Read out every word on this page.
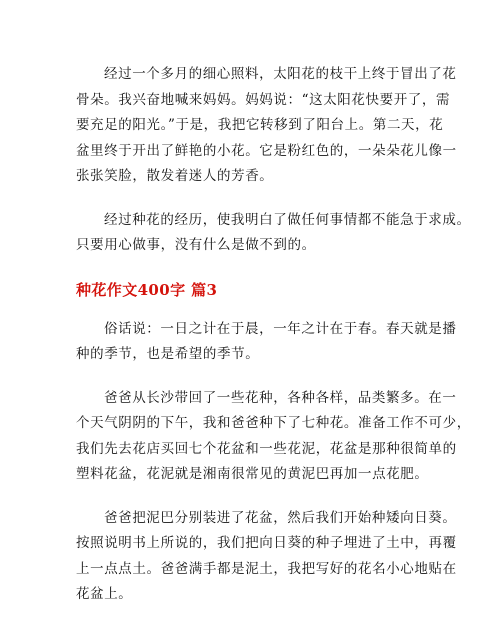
经过一个多月的细心照料，太阳花的枝干上终于冒出了花
骨朵。我兴奋地喊来妈妈。妈妈说：“这太阳花快要开了，需
要充足的阳光。”于是，我把它转移到了阳台上。第二天，花
盆里终于开出了鲜艳的小花。它是粉红色的，一朵朵花儿像一
张张笑脸，散发着迷人的芳香。

经过种花的经历，使我明白了做任何事情都不能急于求成。
只要用心做事，没有什么是做不到的。

种花作文400字 篇3

俗话说：一日之计在于晨，一年之计在于春。春天就是播
种的季节，也是希望的季节。

爸爸从长沙带回了一些花种，各种各样，品类繁多。在一
个天气阴阴的下午，我和爸爸种下了七种花。准备工作不可少，
我们先去花店买回七个花盆和一些花泥，花盆是那种很简单的
塑料花盆，花泥就是湘南很常见的黄泥巴再加一点花肥。

爸爸把泥巴分别装进了花盆，然后我们开始种矮向日葵。
按照说明书上所说的，我们把向日葵的种子埋进了土中，再覆
上一点点土。爸爸满手都是泥土，我把写好的花名小心地贴在
花盆上。
